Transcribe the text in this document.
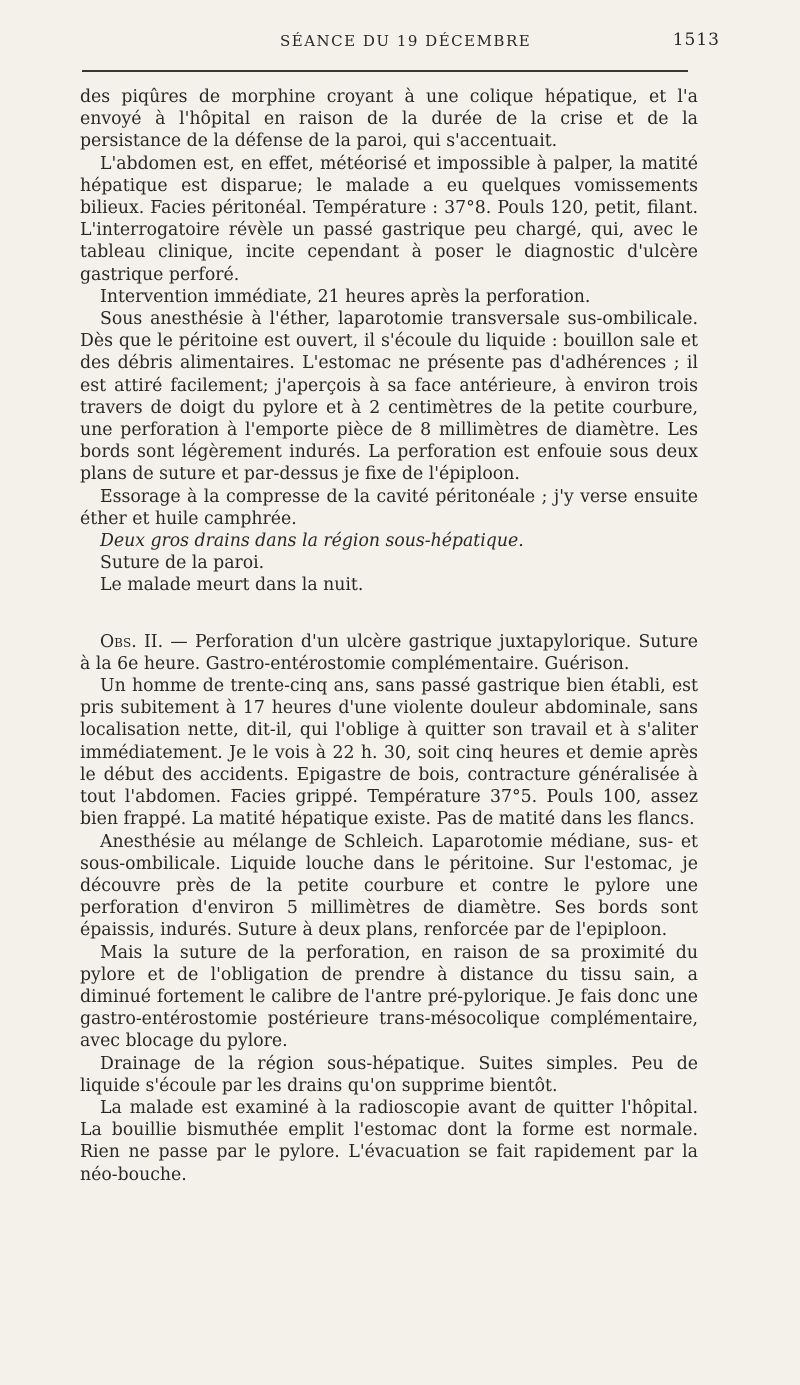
SÉANCE DU 19 DÉCEMBRE	1513

des piqûres de morphine croyant à une colique hépatique, et l'a envoyé à l'hôpital en raison de la durée de la crise et de la persistance de la défense de la paroi, qui s'accentuait.

L'abdomen est, en effet, météorisé et impossible à palper, la matité hépatique est disparue; le malade a eu quelques vomissements bilieux. Facies péritonéal. Température : 37°8. Pouls 120, petit, filant. L'interrogatoire révèle un passé gastrique peu chargé, qui, avec le tableau clinique, incite cependant à poser le diagnostic d'ulcère gastrique perforé.

Intervention immédiate, 21 heures après la perforation.

Sous anesthésie à l'éther, laparotomie transversale sus-ombilicale. Dès que le péritoine est ouvert, il s'écoule du liquide : bouillon sale et des débris alimentaires. L'estomac ne présente pas d'adhérences ; il est attiré facilement; j'aperçois à sa face antérieure, à environ trois travers de doigt du pylore et à 2 centimètres de la petite courbure, une perforation à l'emporte pièce de 8 millimètres de diamètre. Les bords sont légèrement indurés. La perforation est enfouie sous deux plans de suture et par-dessus je fixe de l'épiploon.

Essorage à la compresse de la cavité péritonéale ; j'y verse ensuite éther et huile camphrée.

Deux gros drains dans la région sous-hépatique.

Suture de la paroi.

Le malade meurt dans la nuit.

Obs. II. — Perforation d'un ulcère gastrique juxtapylorique. Suture à la 6e heure. Gastro-entérostomie complémentaire. Guérison.

Un homme de trente-cinq ans, sans passé gastrique bien établi, est pris subitement à 17 heures d'une violente douleur abdominale, sans localisation nette, dit-il, qui l'oblige à quitter son travail et à s'aliter immédiatement. Je le vois à 22 h. 30, soit cinq heures et demie après le début des accidents. Epigastre de bois, contracture généralisée à tout l'abdomen. Facies grippé. Température 37°5. Pouls 100, assez bien frappé. La matité hépatique existe. Pas de matité dans les flancs.

Anesthésie au mélange de Schleich. Laparotomie médiane, sus- et sous-ombilicale. Liquide louche dans le péritoine. Sur l'estomac, je découvre près de la petite courbure et contre le pylore une perforation d'environ 5 millimètres de diamètre. Ses bords sont épaissis, indurés. Suture à deux plans, renforcée par de l'epiploon.

Mais la suture de la perforation, en raison de sa proximité du pylore et de l'obligation de prendre à distance du tissu sain, a diminué fortement le calibre de l'antre pré-pylorique. Je fais donc une gastro-entérostomie postérieure trans-mésocolique complémentaire, avec blocage du pylore.

Drainage de la région sous-hépatique. Suites simples. Peu de liquide s'écoule par les drains qu'on supprime bientôt.

La malade est examiné à la radioscopie avant de quitter l'hôpital. La bouillie bismuthée emplit l'estomac dont la forme est normale. Rien ne passe par le pylore. L'évacuation se fait rapidement par la néo-bouche.
